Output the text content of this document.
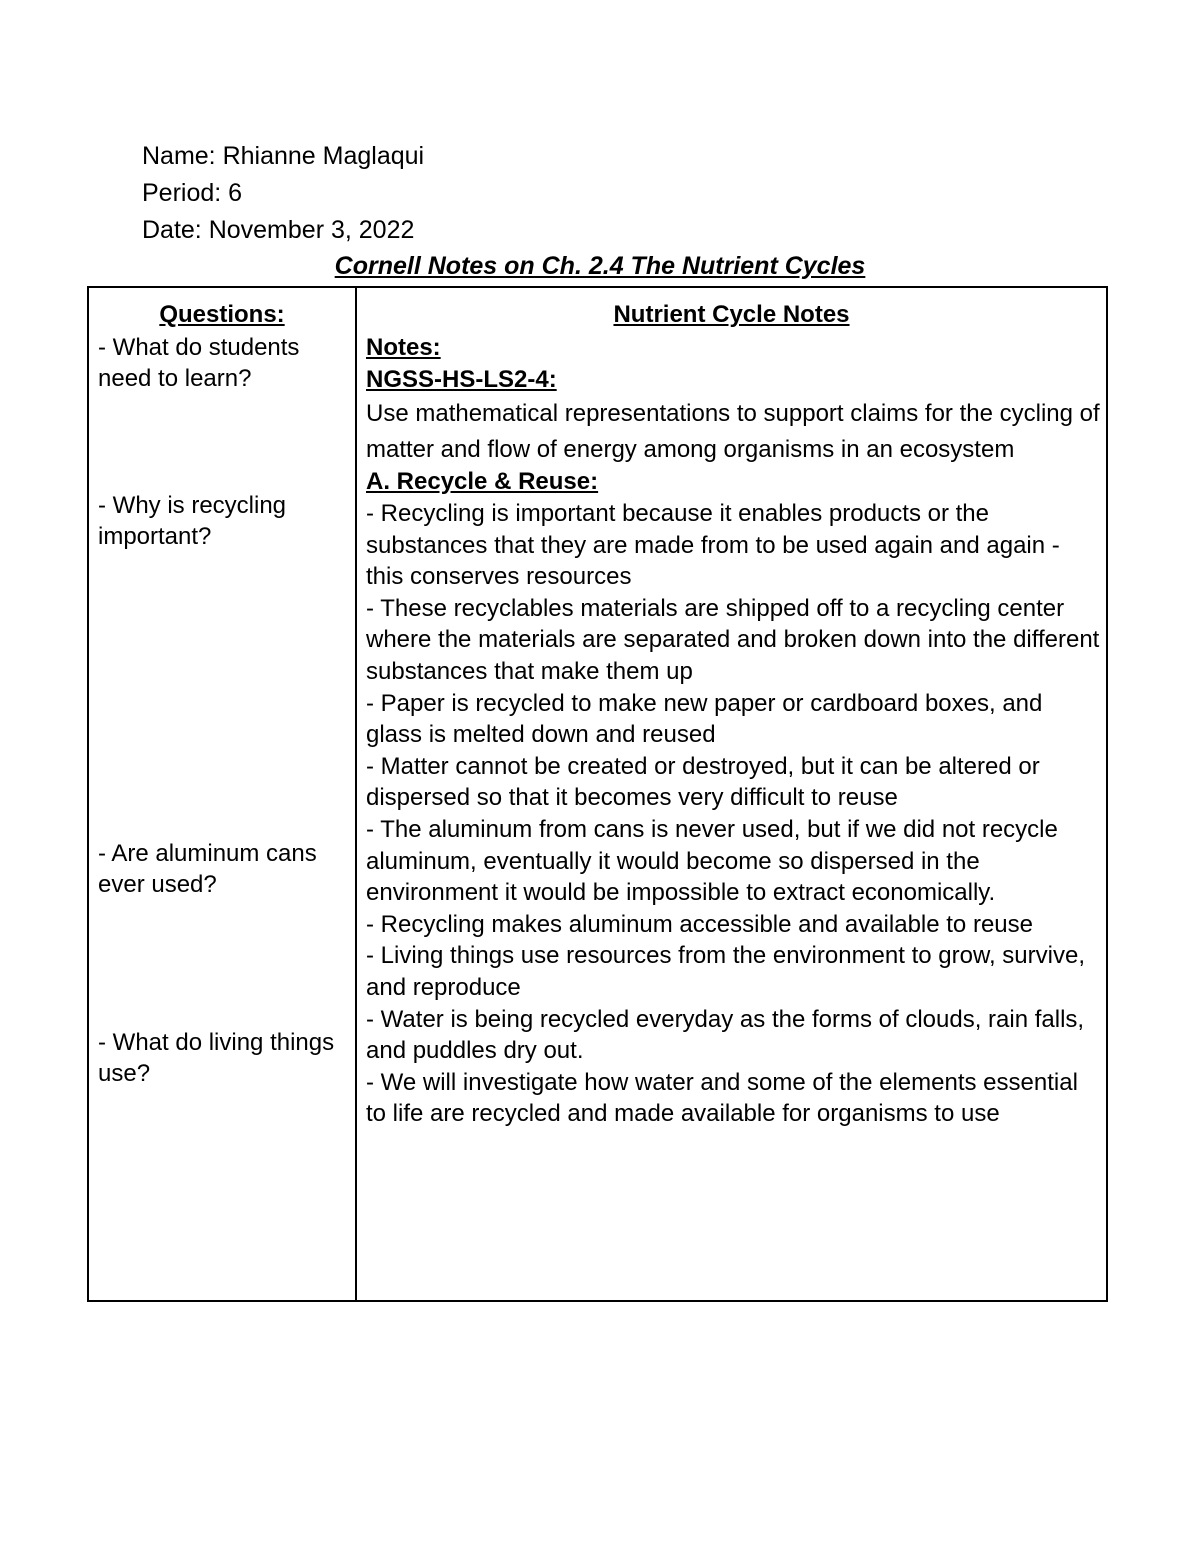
Name: Rhianne Maglaqui
Period: 6
Date: November 3, 2022
Cornell Notes on Ch. 2.4 The Nutrient Cycles
Questions:
- What do students need to learn?
- Why is recycling important?
- Are aluminum cans ever used?
- What do living things use?
Nutrient Cycle Notes
Notes:
NGSS-HS-LS2-4:
Use mathematical representations to support claims for the cycling of matter and flow of energy among organisms in an ecosystem
A. Recycle & Reuse:
- Recycling is important because it enables products or the substances that they are made from to be used again and again - this conserves resources
- These recyclables materials are shipped off to a recycling center where the materials are separated and broken down into the different substances that make them up
- Paper is recycled to make new paper or cardboard boxes, and glass is melted down and reused
- Matter cannot be created or destroyed, but it can be altered or dispersed so that it becomes very difficult to reuse
- The aluminum from cans is never used, but if we did not recycle aluminum, eventually it would become so dispersed in the environment it would be impossible to extract economically.
- Recycling makes aluminum accessible and available to reuse
- Living things use resources from the environment to grow, survive, and reproduce
- Water is being recycled everyday as the forms of clouds, rain falls, and puddles dry out.
- We will investigate how water and some of the elements essential to life are recycled and made available for organisms to use
